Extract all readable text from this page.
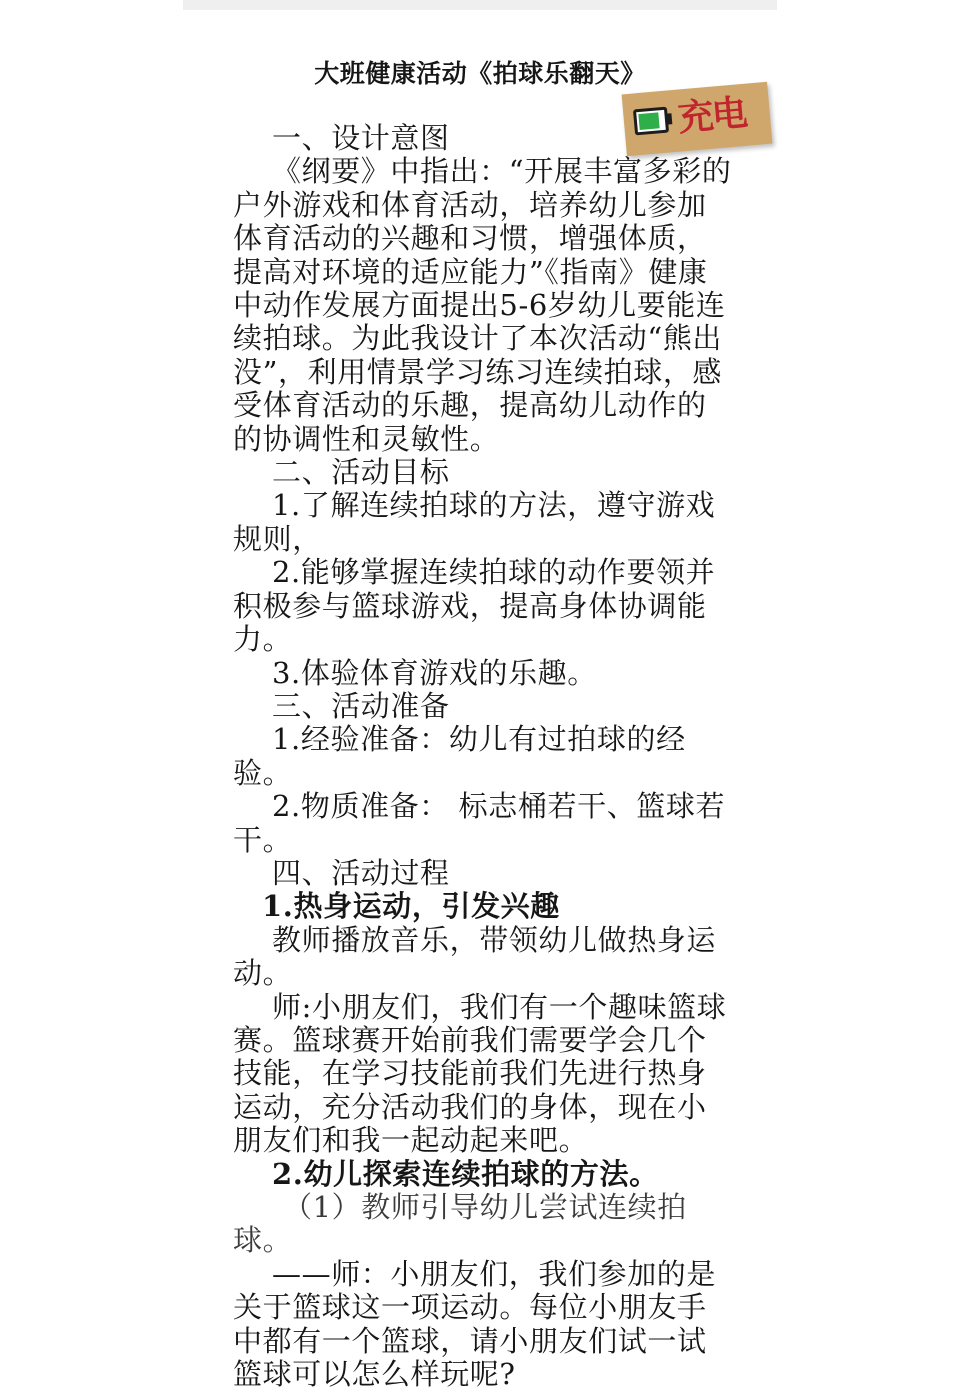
大班健康活动《拍球乐翻天》
充电

一、设计意图

《纲要》中指出：“开展丰富多彩的户外游戏和体育活动，培养幼儿参加体育活动的兴趣和习惯，增强体质，提高对环境的适应能力”《指南》健康中动作发展方面提出5-6岁幼儿要能连续拍球。为此我设计了本次活动“熊出没”，利用情景学习练习连续拍球，感受体育活动的乐趣，提高幼儿动作的的协调性和灵敏性。

二、活动目标

1.了解连续拍球的方法，遵守游戏规则，

2.能够掌握连续拍球的动作要领并积极参与篮球游戏，提高身体协调能力。

3.体验体育游戏的乐趣。

三、活动准备

1.经验准备：幼儿有过拍球的经验。

2.物质准备： 标志桶若干、篮球若干。

四、活动过程

1.热身运动，引发兴趣

教师播放音乐，带领幼儿做热身运动。

师:小朋友们，我们有一个趣味篮球赛。篮球赛开始前我们需要学会几个技能，在学习技能前我们先进行热身运动，充分活动我们的身体，现在小朋友们和我一起动起来吧。

2.幼儿探索连续拍球的方法。

（1）教师引导幼儿尝试连续拍球。

——师：小朋友们，我们参加的是关于篮球这一项运动。每位小朋友手中都有一个篮球，请小朋友们试一试篮球可以怎么样玩呢?
